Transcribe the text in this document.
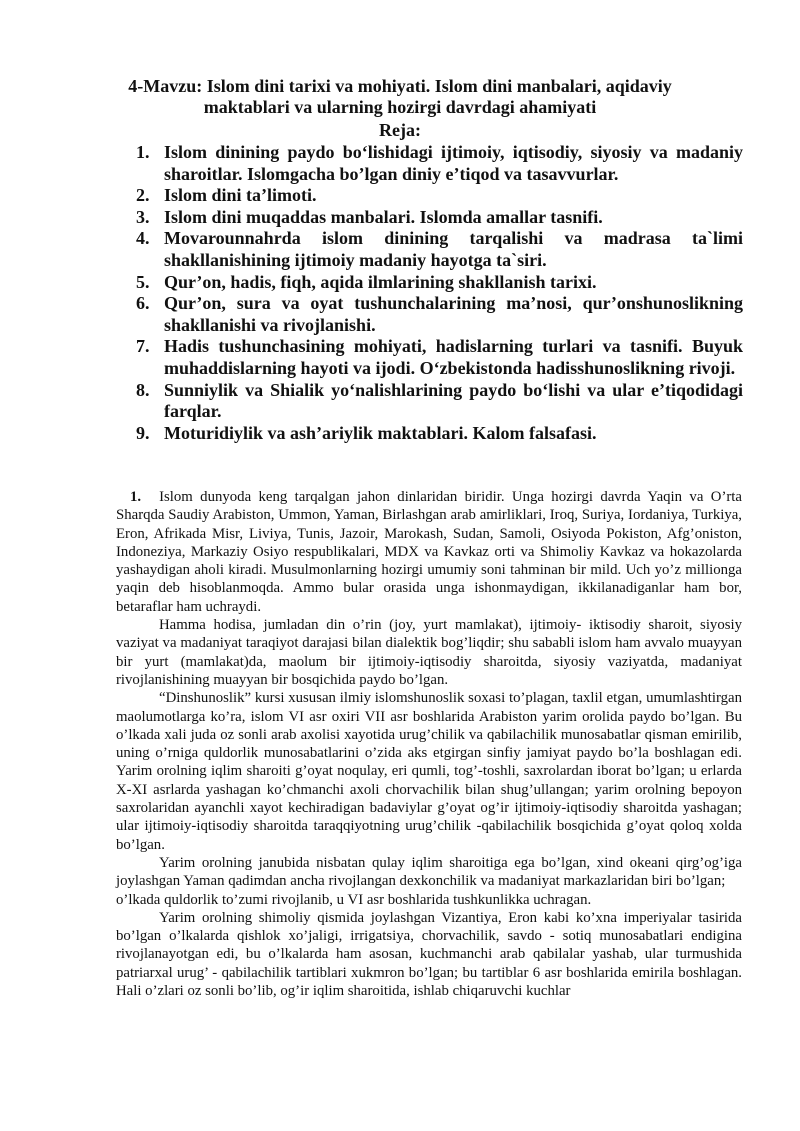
4-Mavzu: Islom dini tarixi va mohiyati. Islom dini manbalari, aqidaviy
maktablari va ularning hozirgi davrdagi ahamiyati
Reja:
1. Islom dinining paydo bo‘lishidagi ijtimoiy, iqtisodiy, siyosiy va madaniy sharoitlar. Islomgacha bo’lgan diniy e’tiqod va tasavvurlar.
2. Islom dini ta’limoti.
3. Islom dini muqaddas manbalari. Islomda amallar tasnifi.
4. Movarounnahrda islom dinining tarqalishi va madrasa ta`limi shakllanishining ijtimoiy madaniy hayotga ta`siri.
5. Qur’on, hadis, fiqh, aqida ilmlarining shakllanish tarixi.
6. Qur’on, sura va oyat tushunchalarining ma’nosi, qur’onshunoslikning shakllanishi va rivojlanishi.
7. Hadis tushunchasining mohiyati, hadislarning turlari va tasnifi. Buyuk muhaddislarning hayoti va ijodi. O‘zbekistonda hadisshunoslikning rivoji.
8. Sunniylik va Shialik yo‘nalishlarining paydo bo‘lishi va ular e’tiqodidagi farqlar.
9. Moturidiylik va ash’ariylik maktablari. Kalom falsafasi.

1. Islom dunyoda keng tarqalgan jahon dinlaridan biridir. Unga hozirgi davrda Yaqin va O’rta Sharqda Saudiy Arabiston, Ummon, Yaman, Birlashgan arab amirliklari, Iroq, Suriya, Iordaniya, Turkiya, Eron, Afrikada Misr, Liviya, Tunis, Jazoir, Marokash, Sudan, Samoli, Osiyoda Pokiston, Afg’oniston, Indoneziya, Markaziy Osiyo respublikalari, MDX va Kavkaz orti va Shimoliy Kavkaz va hokazolarda yashaydigan aholi kiradi. Musulmonlarning hozirgi umumiy soni tahminan bir mild. Uch yo’z millionga yaqin deb hisoblanmoqda. Ammo bular orasida unga ishonmaydigan, ikkilanadiganlar ham bor, betaraflar ham uchraydi.

Hamma hodisa, jumladan din o’rin (joy, yurt mamlakat), ijtimoiy- iktisodiy sharoit, siyosiy vaziyat va madaniyat taraqiyot darajasi bilan dialektik bog’liqdir; shu sababli islom ham avvalo muayyan bir yurt (mamlakat)da, maolum bir ijtimoiy-iqtisodiy sharoitda, siyosiy vaziyatda, madaniyat rivojlanishining muayyan bir bosqichida paydo bo’lgan.

“Dinshunoslik” kursi xususan ilmiy islomshunoslik soxasi to’plagan, taxlil etgan, umumlashtirgan maolumotlarga ko’ra, islom VI asr oxiri VII asr boshlarida Arabiston yarim orolida paydo bo’lgan. Bu o’lkada xali juda oz sonli arab axolisi xayotida urug’chilik va qabilachilik munosabatlar qisman emirilib, uning o’rniga quldorlik munosabatlarini o’zida aks etgirgan sinfiy jamiyat paydo bo’la boshlagan edi. Yarim orolning iqlim sharoiti g’oyat noqulay, eri qumli, tog’-toshli, saxrolardan iborat bo’lgan; u erlarda X-XI asrlarda yashagan ko’chmanchi axoli chorvachilik bilan shug’ullangan; yarim orolning bepoyon saxrolaridan ayanchli xayot kechiradigan badaviylar g’oyat og’ir ijtimoiy-iqtisodiy sharoitda yashagan; ular ijtimoiy-iqtisodiy sharoitda taraqqiyotning urug’chilik -qabilachilik bosqichida g’oyat qoloq xolda bo’lgan.

Yarim orolning janubida nisbatan qulay iqlim sharoitiga ega bo’lgan, xind okeani qirg’og’iga joylashgan Yaman qadimdan ancha rivojlangan dexkonchilik va madaniyat markazlaridan biri bo’lgan;

o’lkada quldorlik to’zumi rivojlanib, u VI asr boshlarida tushkunlikka uchragan.

Yarim orolning shimoliy qismida joylashgan Vizantiya, Eron kabi ko’xna imperiyalar tasirida bo’lgan o’lkalarda qishlok xo’jaligi, irrigatsiya, chorvachilik, savdo - sotiq munosabatlari endigina rivojlanayotgan edi, bu o’lkalarda ham asosan, kuchmanchi arab qabilalar yashab, ular turmushida patriarxal urug’ - qabilachilik tartiblari xukmron bo’lgan; bu tartiblar 6 asr boshlarida emirila boshlagan. Hali o’zlari oz sonli bo’lib, og’ir iqlim sharoitida, ishlab chiqaruvchi kuchlar
